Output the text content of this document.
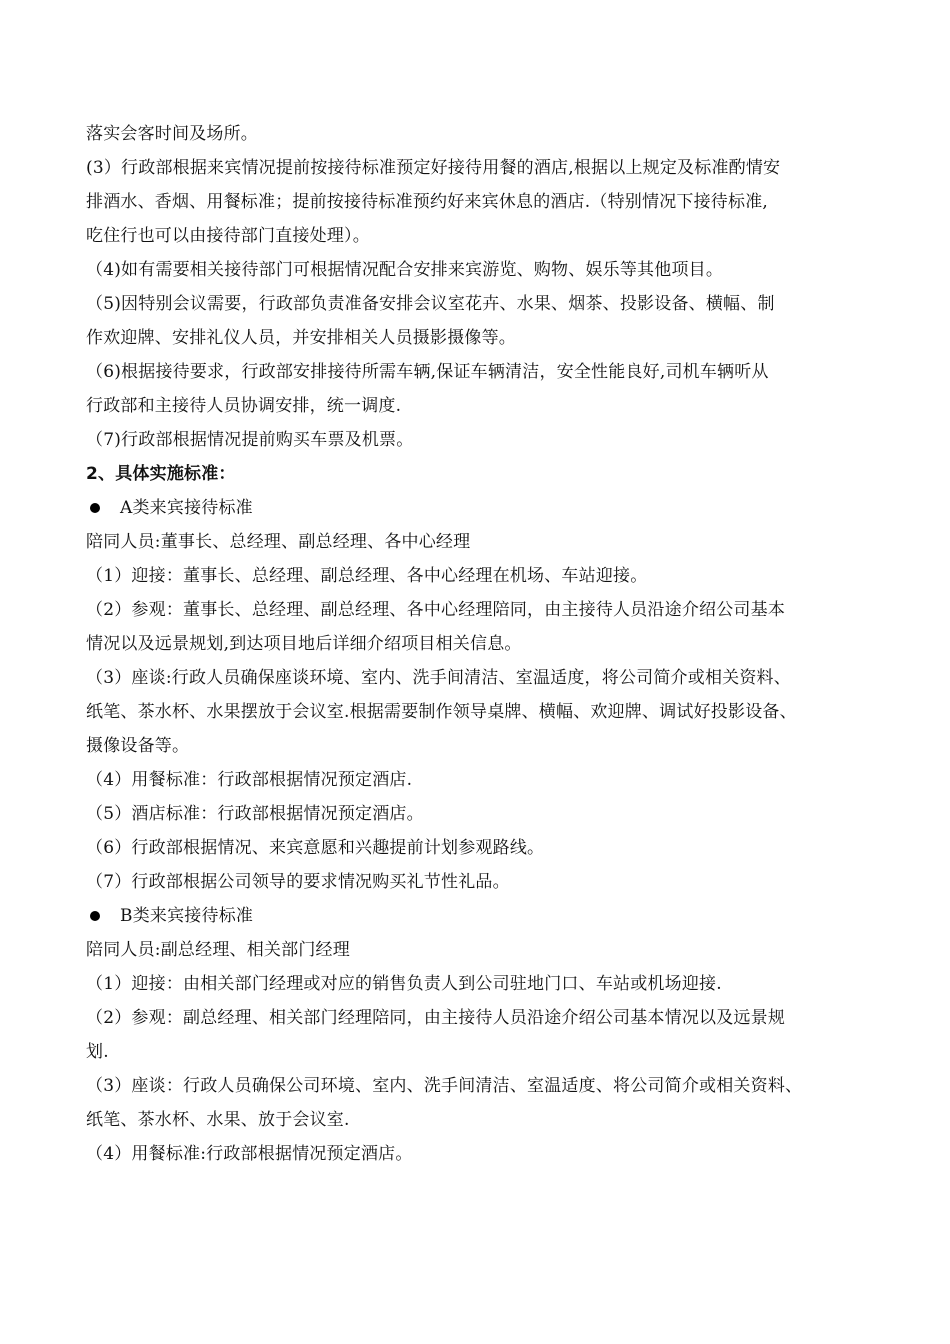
落实会客时间及场所。
(3）行政部根据来宾情况提前按接待标准预定好接待用餐的酒店,根据以上规定及标准酌情安
排酒水、香烟、用餐标准；提前按接待标准预约好来宾休息的酒店.（特别情况下接待标准,
吃住行也可以由接待部门直接处理）。
（4)如有需要相关接待部门可根据情况配合安排来宾游览、购物、娱乐等其他项目。
（5)因特别会议需要，行政部负责准备安排会议室花卉、水果、烟茶、投影设备、横幅、制
作欢迎牌、安排礼仪人员，并安排相关人员摄影摄像等。
（6)根据接待要求，行政部安排接待所需车辆,保证车辆清洁，安全性能良好,司机车辆听从
行政部和主接待人员协调安排，统一调度.
（7)行政部根据情况提前购买车票及机票。
2、具体实施标准：
A类来宾接待标准
陪同人员:董事长、总经理、副总经理、各中心经理
（1）迎接：董事长、总经理、副总经理、各中心经理在机场、车站迎接。
（2）参观：董事长、总经理、副总经理、各中心经理陪同，由主接待人员沿途介绍公司基本
情况以及远景规划,到达项目地后详细介绍项目相关信息。
（3）座谈:行政人员确保座谈环境、室内、洗手间清洁、室温适度，将公司简介或相关资料、
纸笔、茶水杯、水果摆放于会议室.根据需要制作领导桌牌、横幅、欢迎牌、调试好投影设备、
摄像设备等。
（4）用餐标准：行政部根据情况预定酒店.
（5）酒店标准：行政部根据情况预定酒店。
（6）行政部根据情况、来宾意愿和兴趣提前计划参观路线。
（7）行政部根据公司领导的要求情况购买礼节性礼品。
B类来宾接待标准
陪同人员:副总经理、相关部门经理
（1）迎接：由相关部门经理或对应的销售负责人到公司驻地门口、车站或机场迎接.
（2）参观：副总经理、相关部门经理陪同，由主接待人员沿途介绍公司基本情况以及远景规
划.
（3）座谈：行政人员确保公司环境、室内、洗手间清洁、室温适度、将公司简介或相关资料、
纸笔、茶水杯、水果、放于会议室.
（4）用餐标准:行政部根据情况预定酒店。
